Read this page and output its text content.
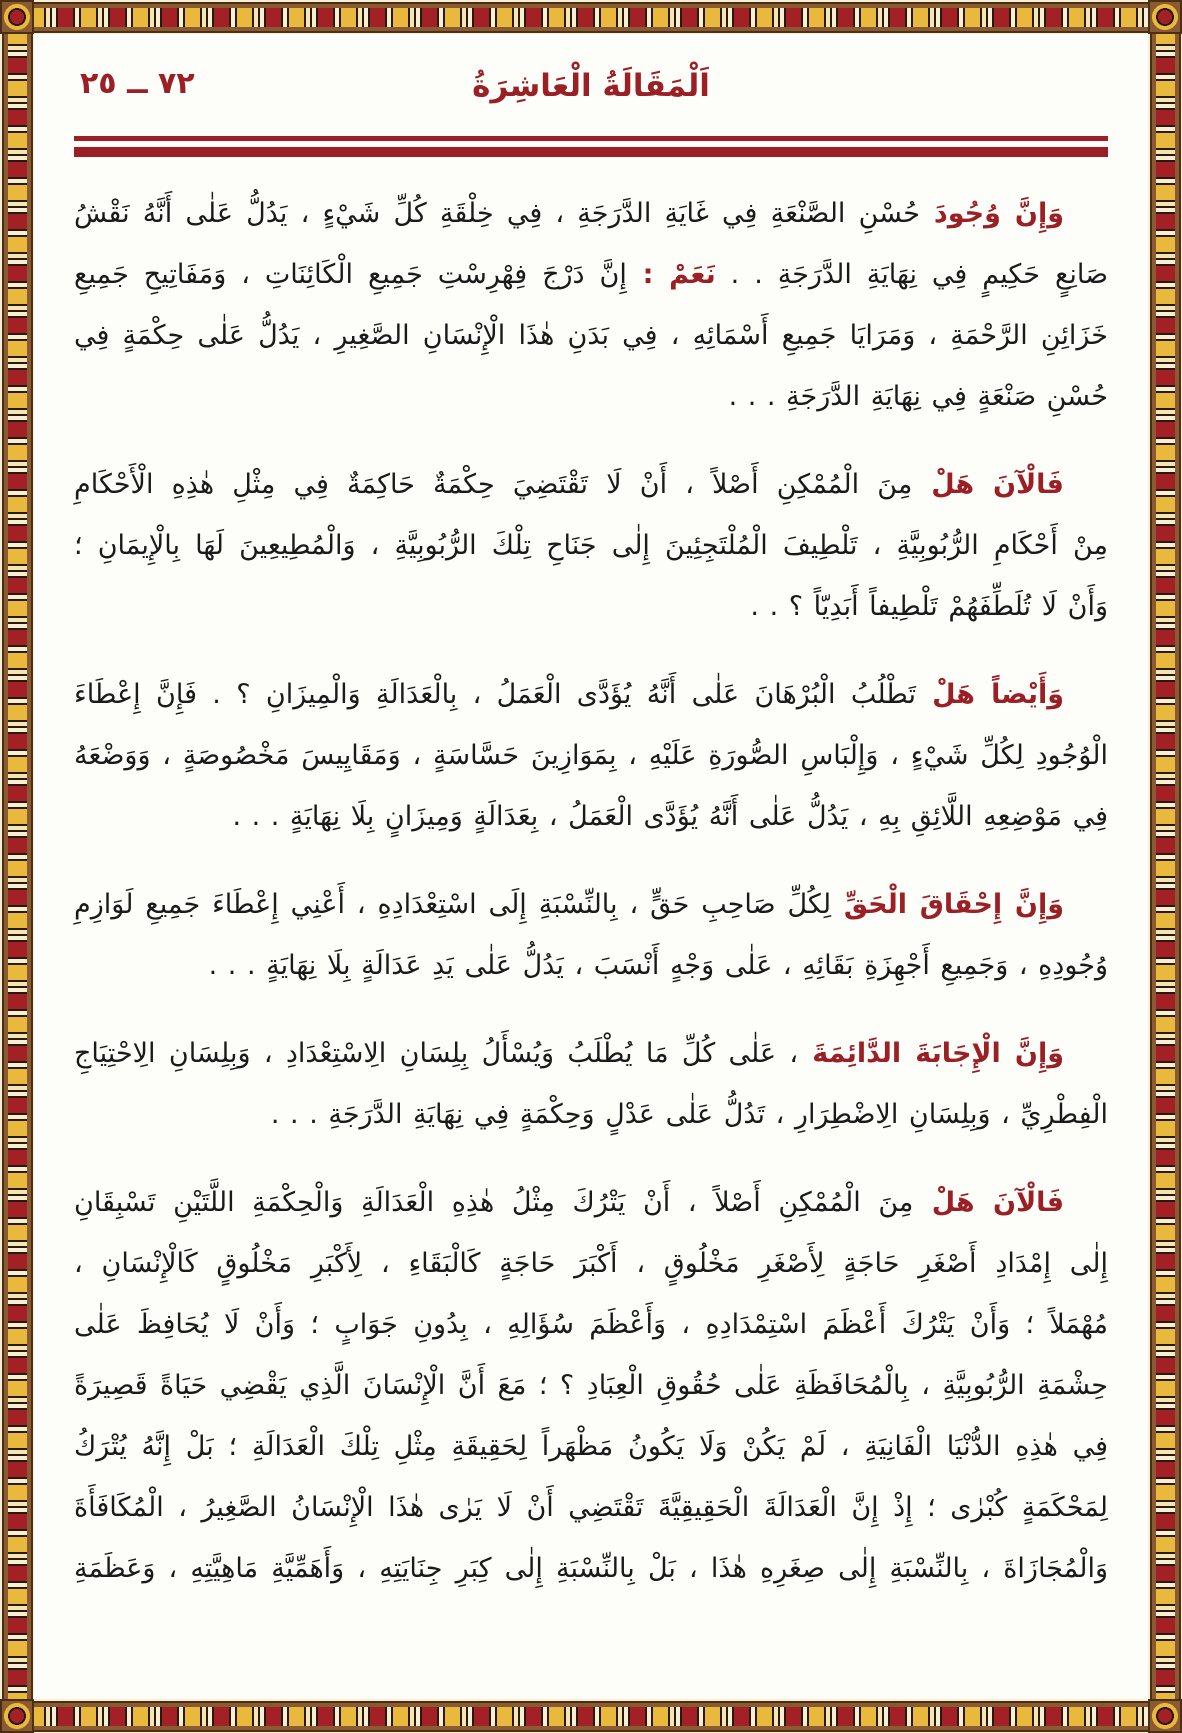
اَلْمَقَالَةُ الْعَاشِرَةُ
٧٢ ــ ٢٥
وَإِنَّ وُجُودَ حُسْنِ الصَّنْعَةِ فِي غَايَةِ الدَّرَجَةِ ، فِي خِلْقَةِ كُلِّ شَيْءٍ ، يَدُلُّ عَلٰى أَنَّهُ نَقْشُ
صَانِعٍ حَكِيمٍ فِي نِهَايَةِ الدَّرَجَةِ . . نَعَمْ : إِنَّ دَرْجَ فِهْرِسْتِ جَمِيعِ الْكَائِنَاتِ ، وَمَفَاتِيحِ جَمِيعِ
خَزَائِنِ الرَّحْمَةِ ، وَمَرَايَا جَمِيعِ أَسْمَائِهِ ، فِي بَدَنِ هٰذَا الْإِنْسَانِ الصَّغِيرِ ، يَدُلُّ عَلٰى حِكْمَةٍ فِي
حُسْنِ صَنْعَةٍ فِي نِهَايَةِ الدَّرَجَةِ . . .
فَالْآنَ هَلْ مِنَ الْمُمْكِنِ أَصْلاً ، أَنْ لَا تَقْتَضِيَ حِكْمَةٌ حَاكِمَةٌ فِي مِثْلِ هٰذِهِ الْأَحْكَامِ
مِنْ أَحْكَامِ الرُّبُوبِيَّةِ ، تَلْطِيفَ الْمُلْتَجِئِينَ إِلٰى جَنَاحِ تِلْكَ الرُّبُوبِيَّةِ ، وَالْمُطِيعِينَ لَهَا بِالْإِيمَانِ ؛
وَأَنْ لَا تُلَطِّفَهُمْ تَلْطِيفاً أَبَدِيّاً ؟ . .
وَأَيْضاً هَلْ تَطْلُبُ الْبُرْهَانَ عَلٰى أَنَّهُ يُؤَدَّى الْعَمَلُ ، بِالْعَدَالَةِ وَالْمِيزَانِ ؟ . فَإِنَّ إِعْطَاءَ
الْوُجُودِ لِكُلِّ شَيْءٍ ، وَإِلْبَاسِ الصُّورَةِ عَلَيْهِ ، بِمَوَازِينَ حَسَّاسَةٍ ، وَمَقَايِيسَ مَخْصُوصَةٍ ، وَوَضْعَهُ
فِي مَوْضِعِهِ اللَّائِقِ بِهِ ، يَدُلُّ عَلٰى أَنَّهُ يُؤَدَّى الْعَمَلُ ، بِعَدَالَةٍ وَمِيزَانٍ بِلَا نِهَايَةٍ . . .
وَإِنَّ إِحْقَاقَ الْحَقِّ لِكُلِّ صَاحِبِ حَقٍّ ، بِالنِّسْبَةِ إِلَى اسْتِعْدَادِهِ ، أَعْنِي إِعْطَاءَ جَمِيعِ لَوَازِمِ
وُجُودِهِ ، وَجَمِيعِ أَجْهِزَةِ بَقَائِهِ ، عَلٰى وَجْهٍ أَنْسَبَ ، يَدُلُّ عَلٰى يَدِ عَدَالَةٍ بِلَا نِهَايَةٍ . . .
وَإِنَّ الْإِجَابَةَ الدَّائِمَةَ ، عَلٰى كُلِّ مَا يُطْلَبُ وَيُسْأَلُ بِلِسَانِ الِاسْتِعْدَادِ ، وَبِلِسَانِ الِاحْتِيَاجِ
الْفِطْرِيِّ ، وَبِلِسَانِ الِاضْطِرَارِ ، تَدُلُّ عَلٰى عَدْلٍ وَحِكْمَةٍ فِي نِهَايَةِ الدَّرَجَةِ . . .
فَالْآنَ هَلْ مِنَ الْمُمْكِنِ أَصْلاً ، أَنْ يَتْرُكَ مِثْلُ هٰذِهِ الْعَدَالَةِ وَالْحِكْمَةِ اللَّتَيْنِ تَسْبِقَانِ
إِلٰى إِمْدَادِ أَصْغَرِ حَاجَةٍ لِأَصْغَرِ مَخْلُوقٍ ، أَكْبَرَ حَاجَةٍ كَالْبَقَاءِ ، لِأَكْبَرِ مَخْلُوقٍ كَالْإِنْسَانِ ،
مُهْمَلاً ؛ وَأَنْ يَتْرُكَ أَعْظَمَ اسْتِمْدَادِهِ ، وَأَعْظَمَ سُؤَالِهِ ، بِدُونِ جَوَابٍ ؛ وَأَنْ لَا يُحَافِظَ عَلٰى
حِشْمَةِ الرُّبُوبِيَّةِ ، بِالْمُحَافَظَةِ عَلٰى حُقُوقِ الْعِبَادِ ؟ ؛ مَعَ أَنَّ الْإِنْسَانَ الَّذِي يَقْضِي حَيَاةً قَصِيرَةً
فِي هٰذِهِ الدُّنْيَا الْفَانِيَةِ ، لَمْ يَكُنْ وَلَا يَكُونُ مَظْهَراً لِحَقِيقَةِ مِثْلِ تِلْكَ الْعَدَالَةِ ؛ بَلْ إِنَّهُ يُتْرَكُ
لِمَحْكَمَةٍ كُبْرٰى ؛ إِذْ إِنَّ الْعَدَالَةَ الْحَقِيقِيَّةَ تَقْتَضِي أَنْ لَا يَرٰى هٰذَا الْإِنْسَانُ الصَّغِيرُ ، الْمُكَافَأَةَ
وَالْمُجَازَاةَ ، بِالنِّسْبَةِ إِلٰى صِغَرِهِ هٰذَا ، بَلْ بِالنِّسْبَةِ إِلٰى كِبَرِ جِنَايَتِهِ ، وَأَهَمِّيَّةِ مَاهِيَّتِهِ ، وَعَظَمَةِ
